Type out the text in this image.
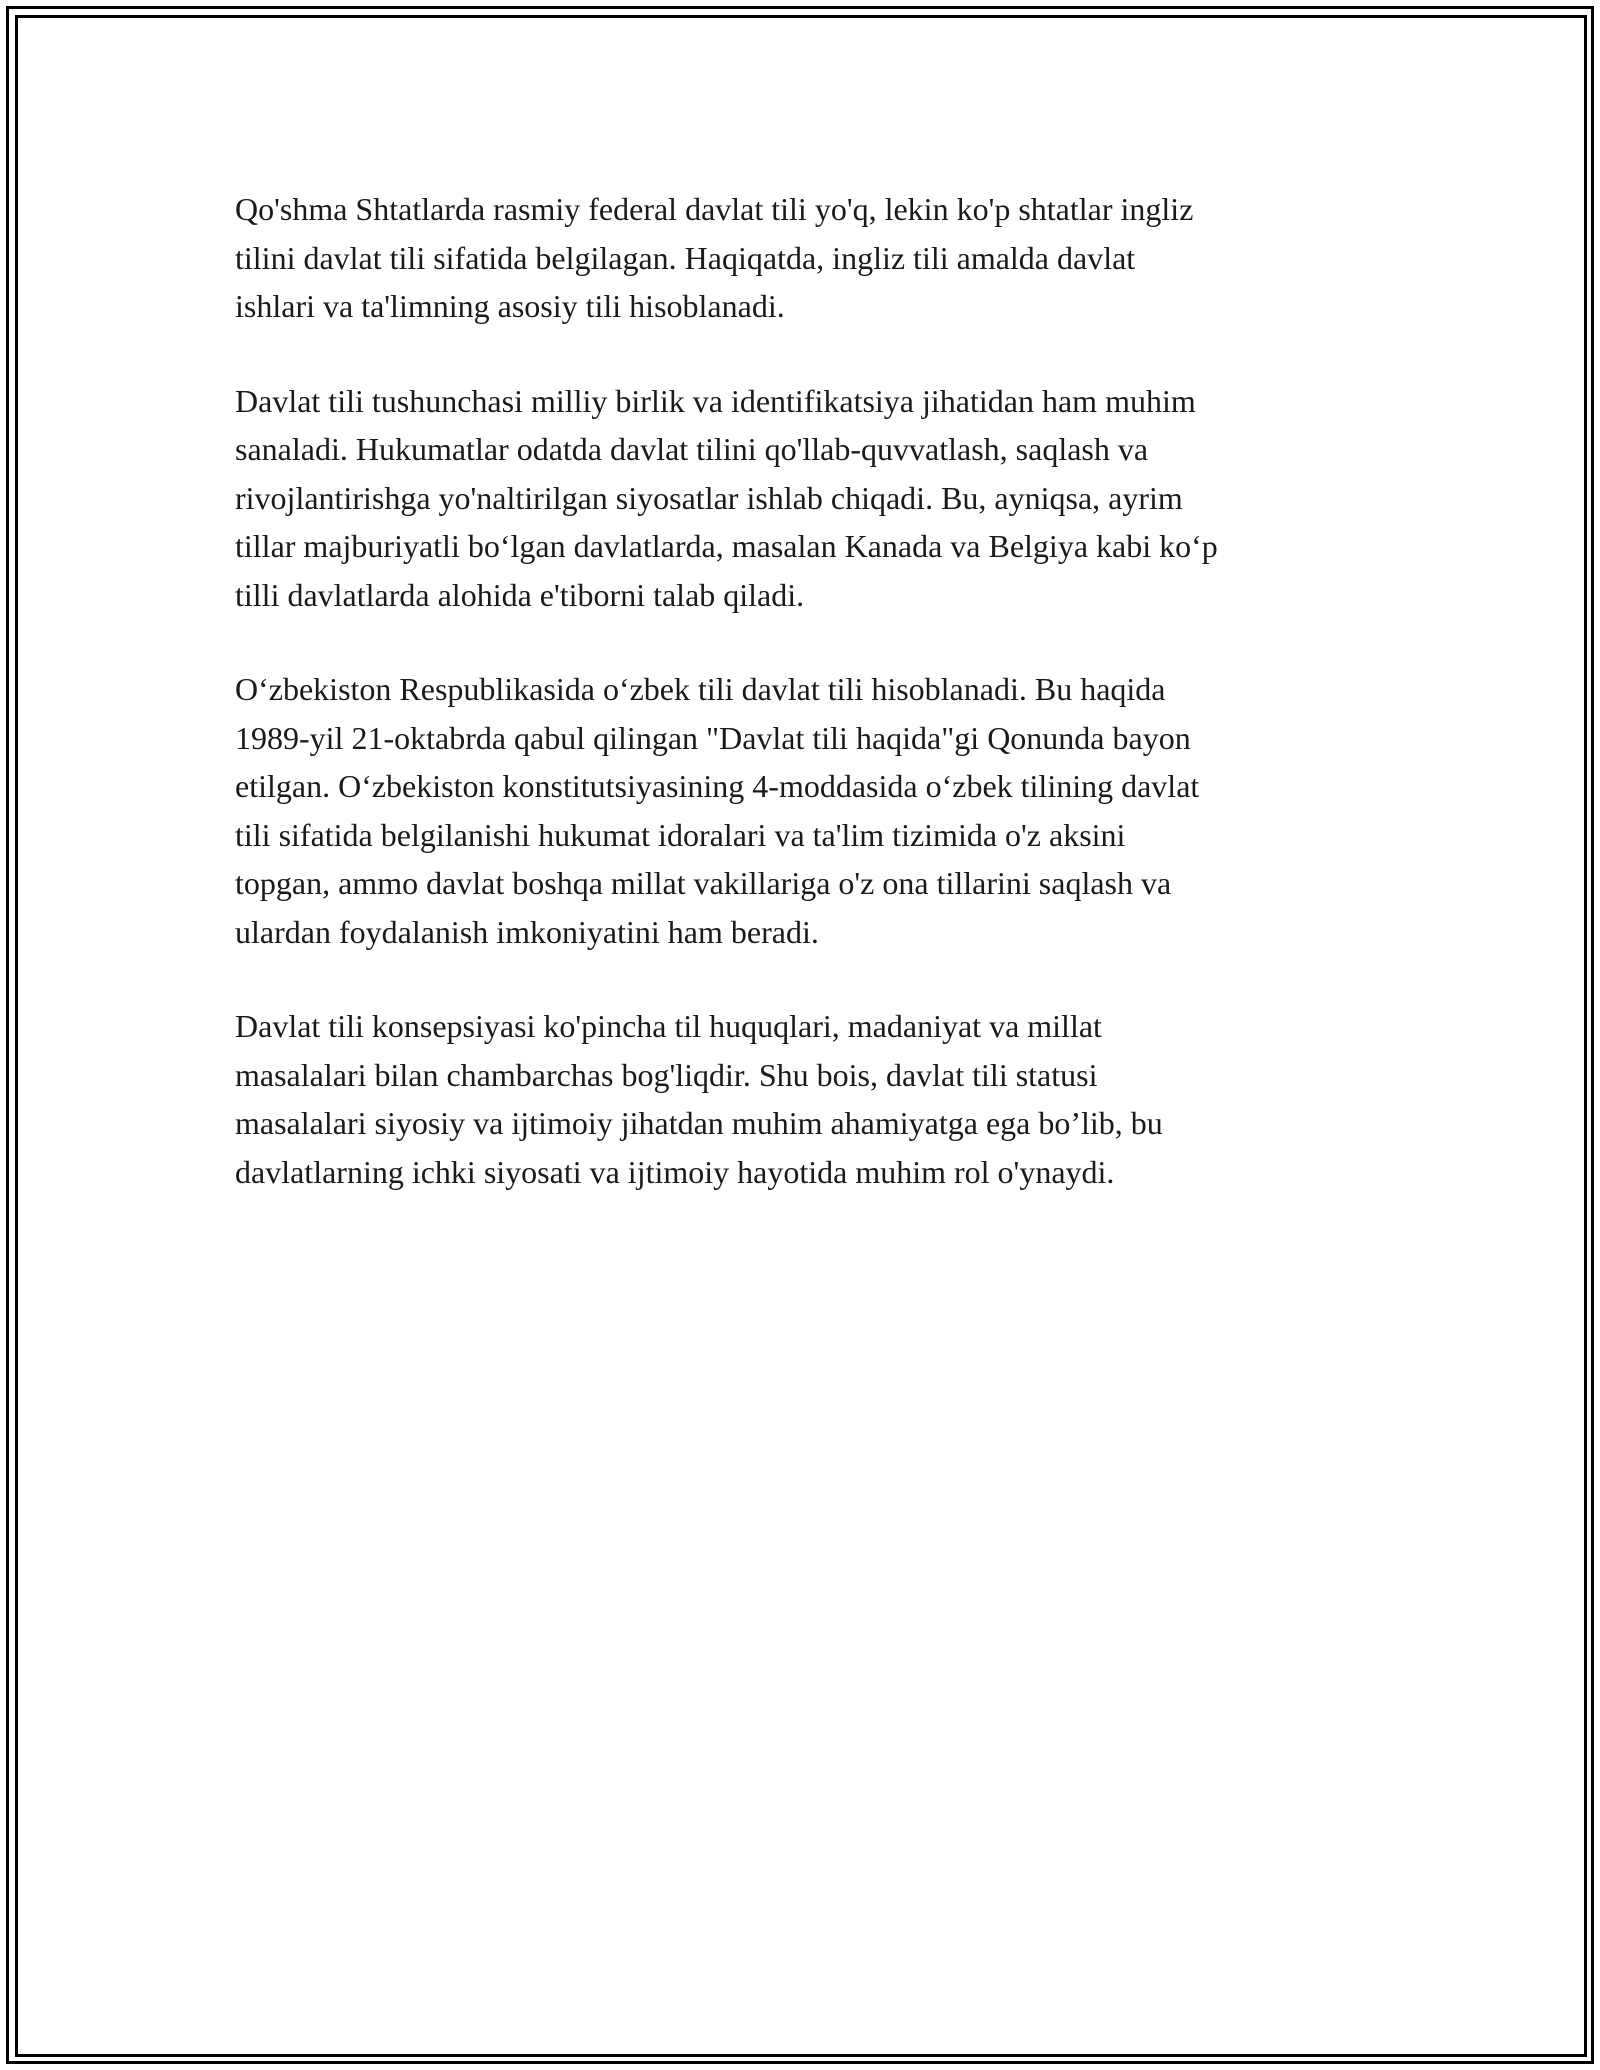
Qo'shma Shtatlarda rasmiy federal davlat tili yo'q, lekin ko'p shtatlar ingliz
tilini davlat tili sifatida belgilagan. Haqiqatda, ingliz tili amalda davlat
ishlari va ta'limning asosiy tili hisoblanadi.

Davlat tili tushunchasi milliy birlik va identifikatsiya jihatidan ham muhim
sanaladi. Hukumatlar odatda davlat tilini qo'llab-quvvatlash, saqlash va
rivojlantirishga yo'naltirilgan siyosatlar ishlab chiqadi. Bu, ayniqsa, ayrim
tillar majburiyatli bo‘lgan davlatlarda, masalan Kanada va Belgiya kabi ko‘p
tilli davlatlarda alohida e'tiborni talab qiladi.

O‘zbekiston Respublikasida o‘zbek tili davlat tili hisoblanadi. Bu haqida
1989-yil 21-oktabrda qabul qilingan "Davlat tili haqida"gi Qonunda bayon
etilgan. O‘zbekiston konstitutsiyasining 4-moddasida o‘zbek tilining davlat
tili sifatida belgilanishi hukumat idoralari va ta'lim tizimida o'z aksini
topgan, ammo davlat boshqa millat vakillariga o'z ona tillarini saqlash va
ulardan foydalanish imkoniyatini ham beradi.

Davlat tili konsepsiyasi ko'pincha til huquqlari, madaniyat va millat
masalalari bilan chambarchas bog'liqdir. Shu bois, davlat tili statusi
masalalari siyosiy va ijtimoiy jihatdan muhim ahamiyatga ega bo’lib, bu
davlatlarning ichki siyosati va ijtimoiy hayotida muhim rol o'ynaydi.
